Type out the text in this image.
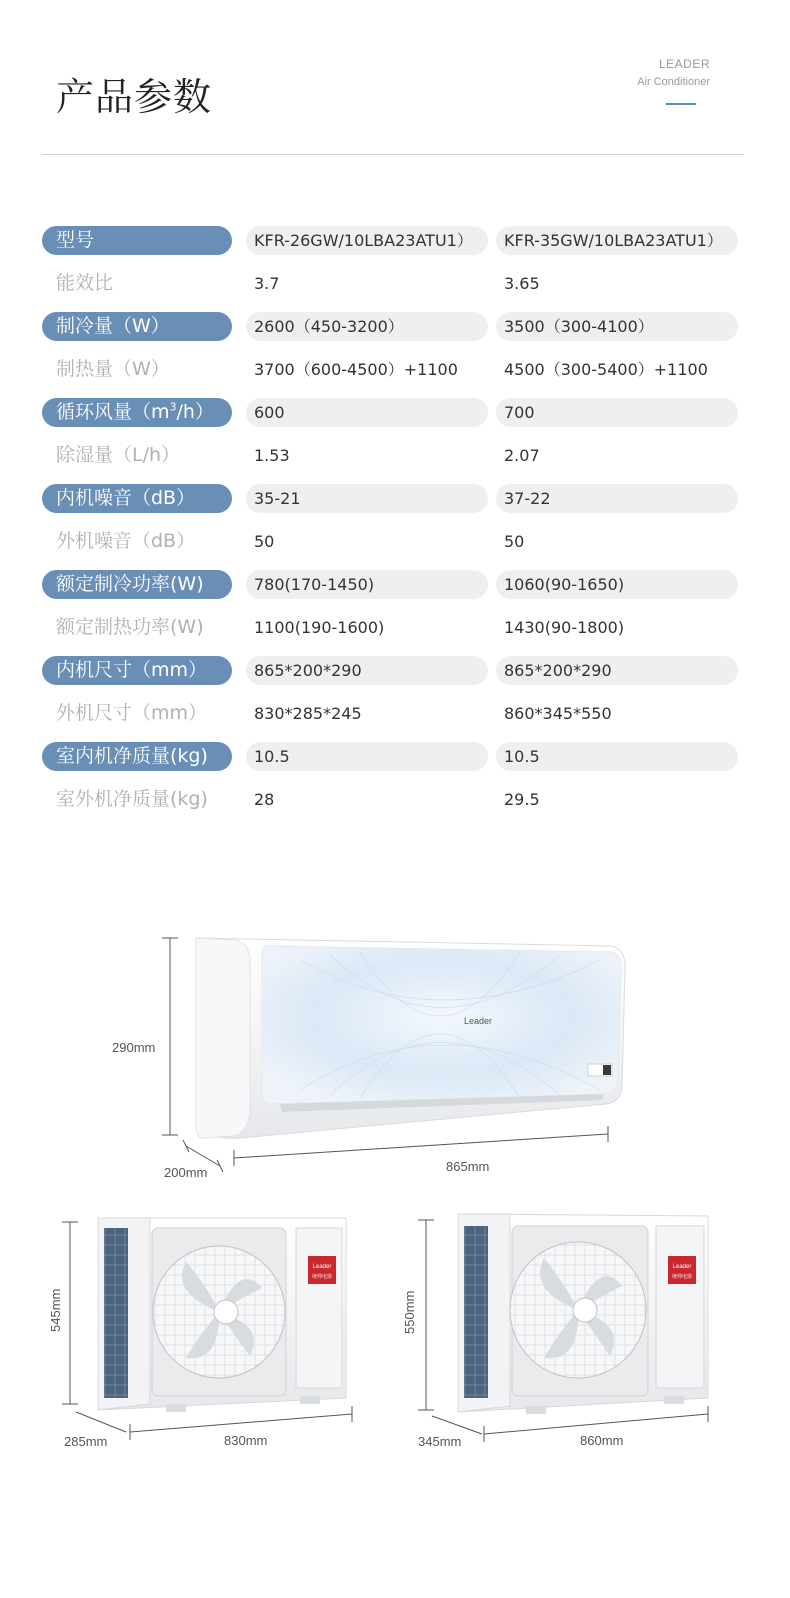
产品参数
LEADER
Air Conditioner
型号	KFR-26GW/10LBA23ATU1）	KFR-35GW/10LBA23ATU1）
能效比	3.7	3.65
制冷量（W）	2600（450-3200）	3500（300-4100）
制热量（W）	3700（600-4500）+1100	4500（300-5400）+1100
循环风量$(m^3/h)$	600	700
除湿量（L/h）	1.53	2.07
内机噪音（dB）	35-21	37-22
外机噪音（dB）	50	50
额定制冷功率(W)	780(170-1450)	1060(90-1650)
额定制热功率(W)	1100(190-1600)	1430(90-1800)
内机尺寸（mm）	865*200*290	865*200*290
外机尺寸（mm）	830*285*245	860*345*550
室内机净质量(kg)	10.5	10.5
室外机净质量(kg)	28	29.5
Leader
Leader
统帅电器
Leader
统帅电器
290mm
200mm	865mm
545mm
285mm	830mm
550mm
345mm	860mm
